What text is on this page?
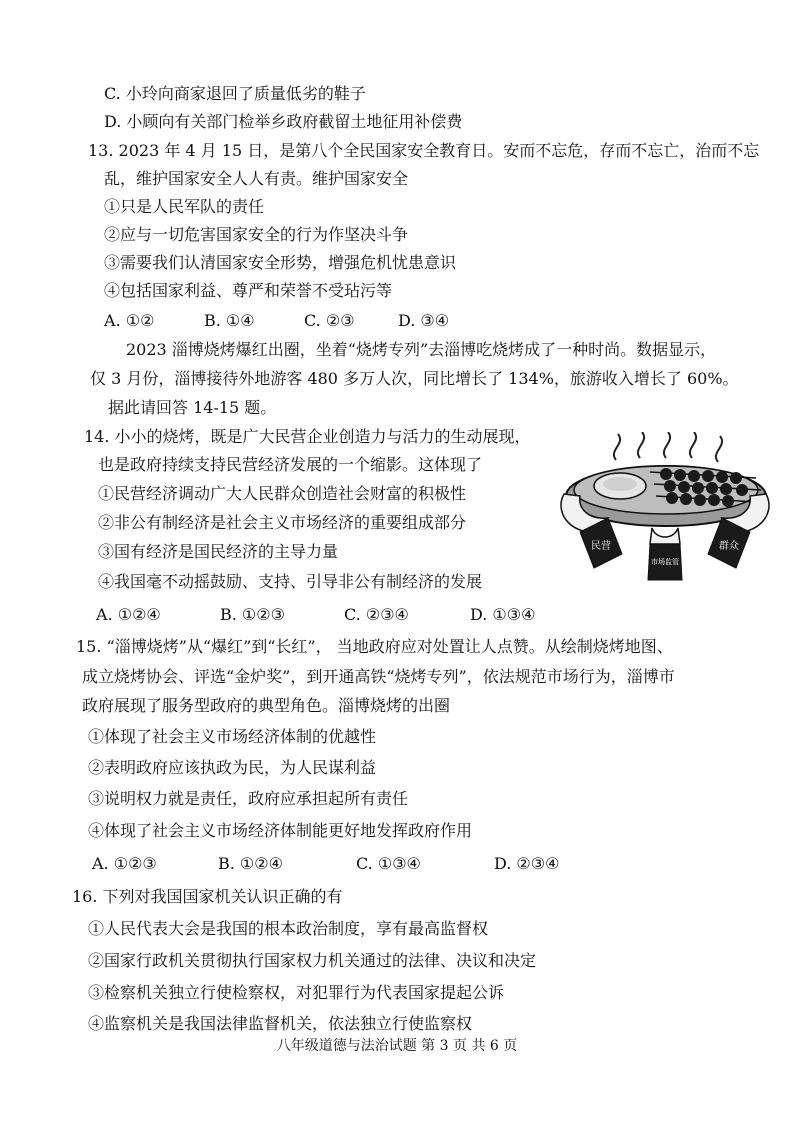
C. 小玲向商家退回了质量低劣的鞋子
D. 小顾向有关部门检举乡政府截留土地征用补偿费
13. 2023 年 4 月 15 日，是第八个全民国家安全教育日。安而不忘危，存而不忘亡，治而不忘
乱，维护国家安全人人有责。维护国家安全
①只是人民军队的责任
②应与一切危害国家安全的行为作坚决斗争
③需要我们认清国家安全形势，增强危机忧患意识
④包括国家利益、尊严和荣誉不受玷污等
A. ①②	B. ①④	C. ②③	D. ③④
2023 淄博烧烤爆红出圈，坐着“烧烤专列”去淄博吃烧烤成了一种时尚。数据显示，
仅 3 月份，淄博接待外地游客 480 多万人次，同比增长了 134%，旅游收入增长了 60%。
据此请回答 14-15 题。
14. 小小的烧烤，既是广大民营企业创造力与活力的生动展现，
也是政府持续支持民营经济发展的一个缩影。这体现了
①民营经济调动广大人民群众创造社会财富的积极性
②非公有制经济是社会主义市场经济的重要组成部分
③国有经济是国民经济的主导力量
④我国毫不动摇鼓励、支持、引导非公有制经济的发展
A. ①②④	B. ①②③	C. ②③④	D. ①③④
民营
市场监管
群众
15. “淄博烧烤”从“爆红”到“长红”， 当地政府应对处置让人点赞。从绘制烧烤地图、
成立烧烤协会、评选“金炉奖”，到开通高铁“烧烤专列”，依法规范市场行为，淄博市
政府展现了服务型政府的典型角色。淄博烧烤的出圈
①体现了社会主义市场经济体制的优越性
②表明政府应该执政为民，为人民谋利益
③说明权力就是责任，政府应承担起所有责任
④体现了社会主义市场经济体制能更好地发挥政府作用
A. ①②③	B. ①②④	C. ①③④	D. ②③④
16. 下列对我国国家机关认识正确的有
①人民代表大会是我国的根本政治制度，享有最高监督权
②国家行政机关贯彻执行国家权力机关通过的法律、决议和决定
③检察机关独立行使检察权，对犯罪行为代表国家提起公诉
④监察机关是我国法律监督机关，依法独立行使监察权
八年级道德与法治试题 第 3 页 共 6 页
